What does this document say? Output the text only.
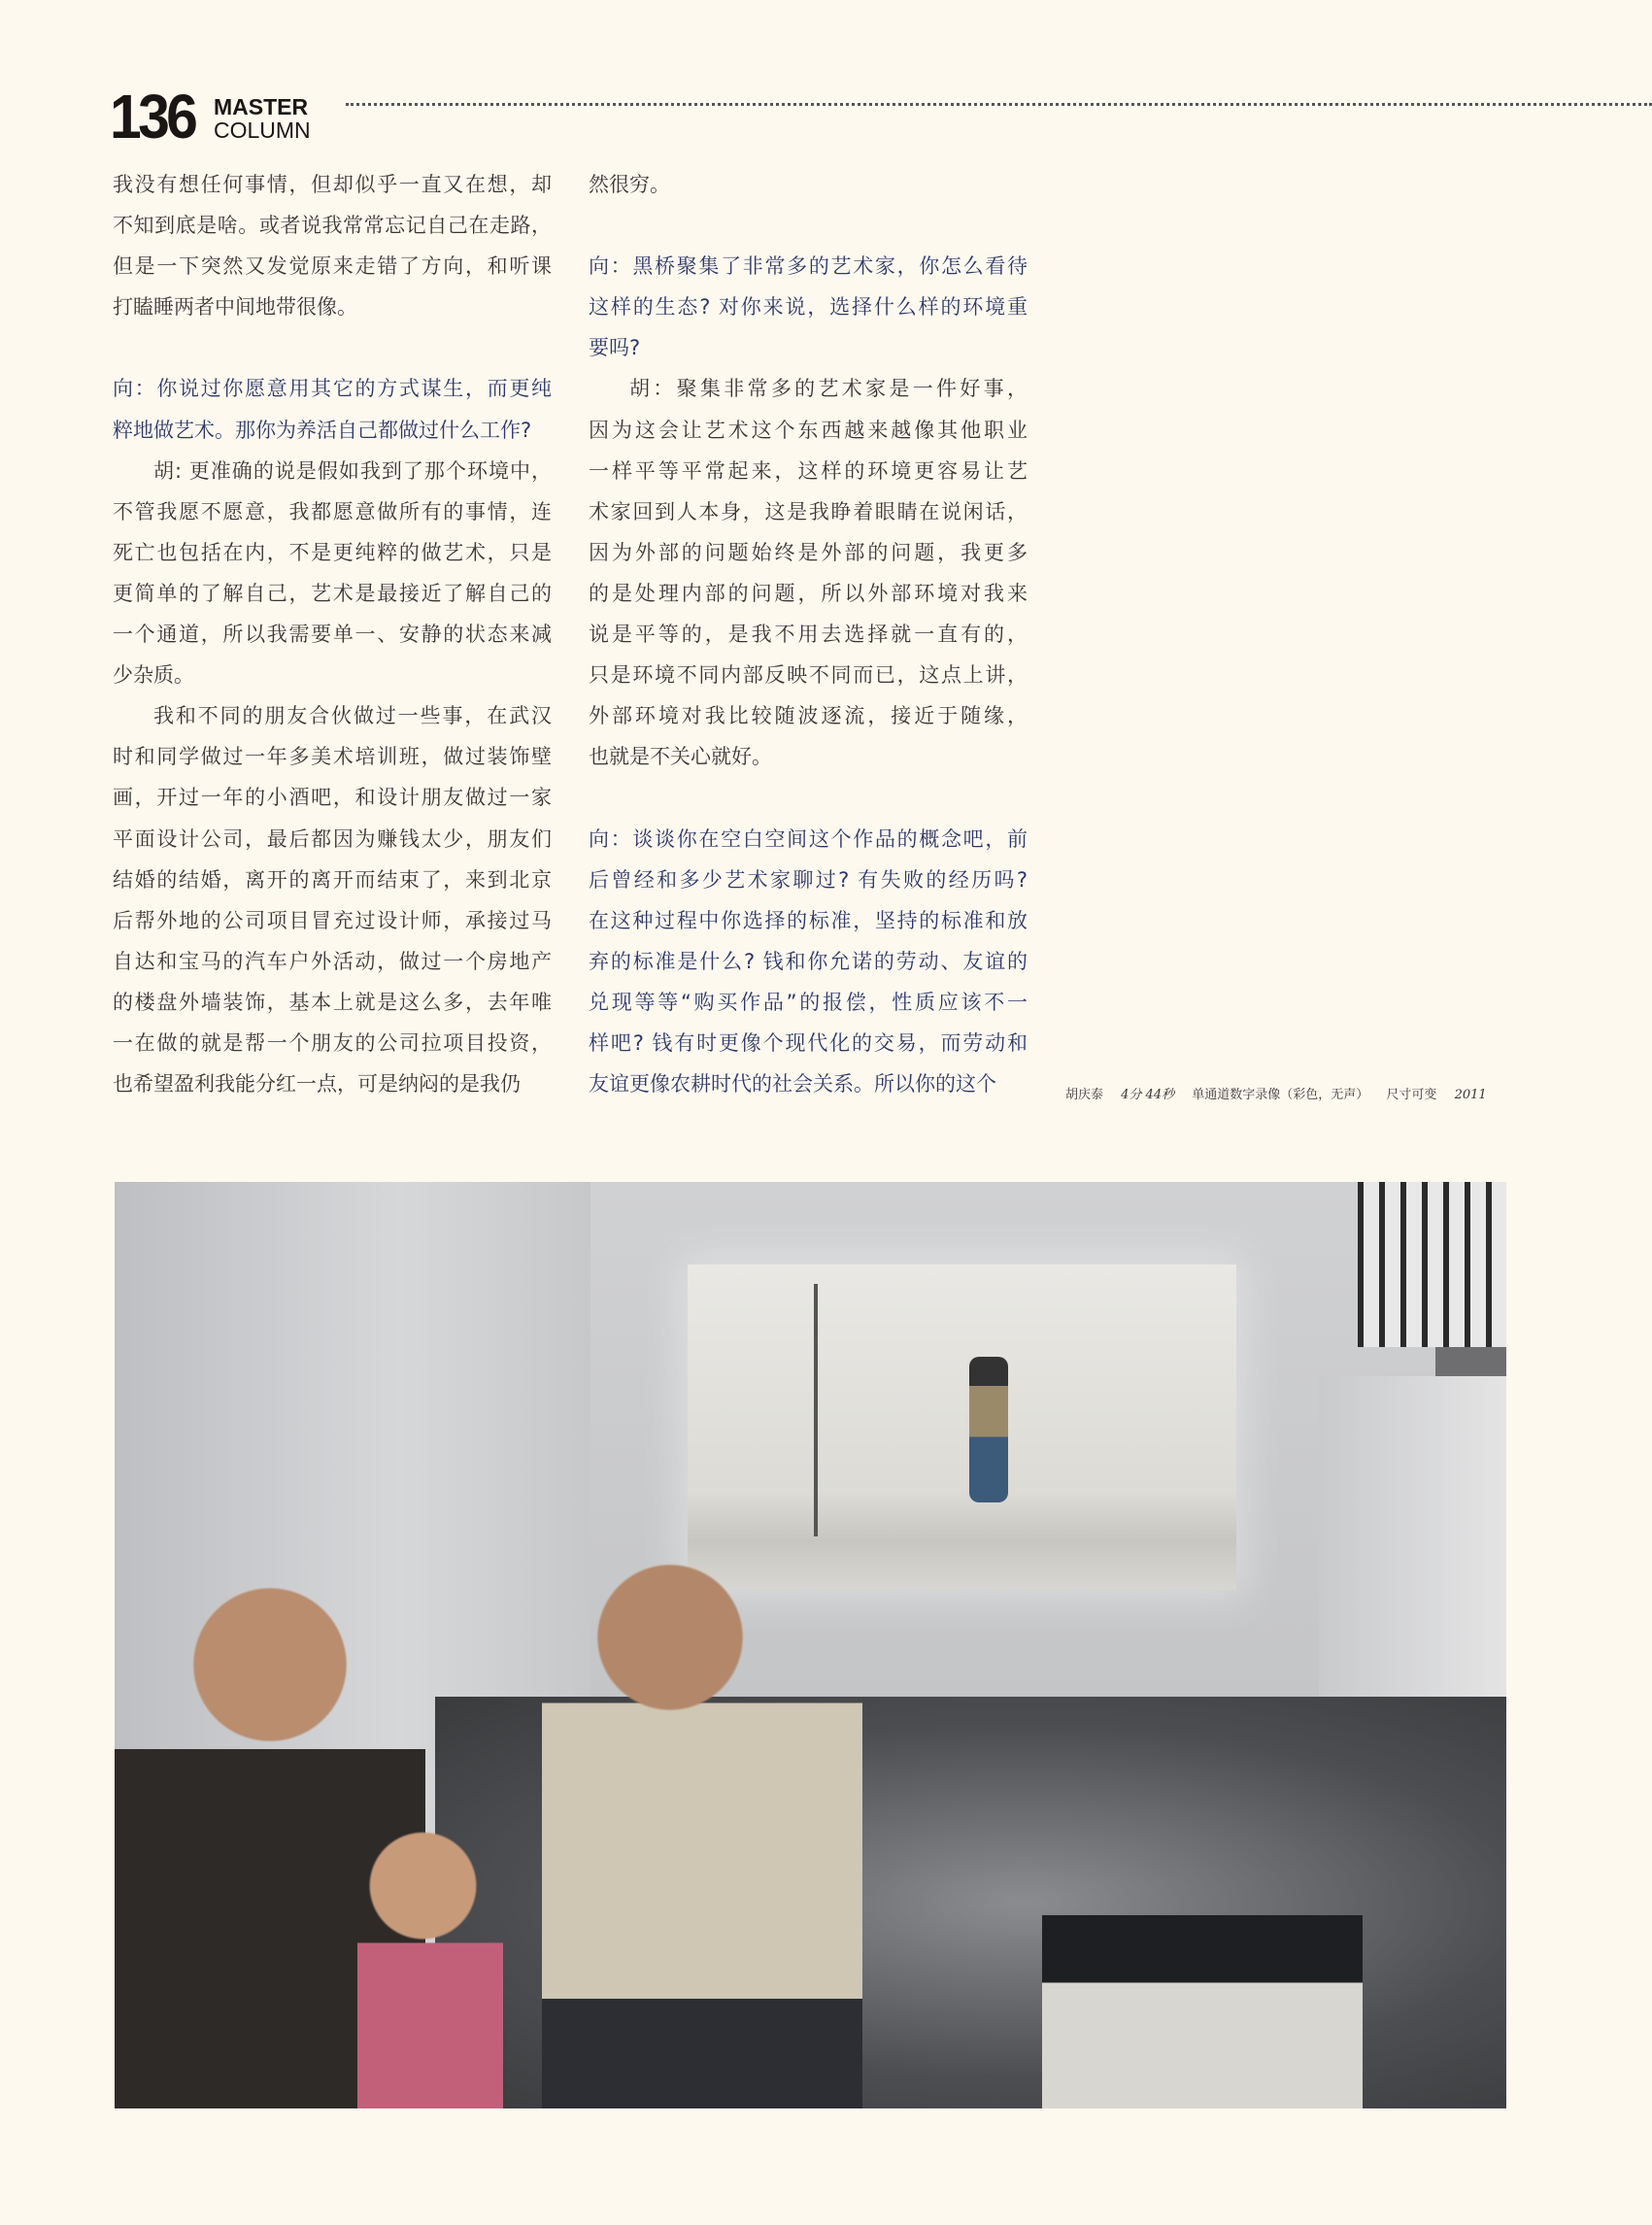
136 MASTER
COLUMN
我没有想任何事情，但却似乎一直又在想，却
不知到底是啥。或者说我常常忘记自己在走路，
但是一下突然又发觉原来走错了方向，和听课
打瞌睡两者中间地带很像。
向：你说过你愿意用其它的方式谋生，而更纯
粹地做艺术。那你为养活自己都做过什么工作?
胡: 更准确的说是假如我到了那个环境中，
不管我愿不愿意，我都愿意做所有的事情，连
死亡也包括在内，不是更纯粹的做艺术，只是
更简单的了解自己，艺术是最接近了解自己的
一个通道，所以我需要单一、安静的状态来减
少杂质。
我和不同的朋友合伙做过一些事，在武汉
时和同学做过一年多美术培训班，做过装饰壁
画，开过一年的小酒吧，和设计朋友做过一家
平面设计公司，最后都因为赚钱太少，朋友们
结婚的结婚，离开的离开而结束了，来到北京
后帮外地的公司项目冒充过设计师，承接过马
自达和宝马的汽车户外活动，做过一个房地产
的楼盘外墙装饰，基本上就是这么多，去年唯
一在做的就是帮一个朋友的公司拉项目投资，
也希望盈利我能分红一点，可是纳闷的是我仍
然很穷。
向：黑桥聚集了非常多的艺术家，你怎么看待
这样的生态? 对你来说，选择什么样的环境重
要吗?
胡：聚集非常多的艺术家是一件好事，
因为这会让艺术这个东西越来越像其他职业
一样平等平常起来，这样的环境更容易让艺
术家回到人本身，这是我睁着眼睛在说闲话，
因为外部的问题始终是外部的问题，我更多
的是处理内部的问题，所以外部环境对我来
说是平等的，是我不用去选择就一直有的，
只是环境不同内部反映不同而已，这点上讲，
外部环境对我比较随波逐流，接近于随缘，
也就是不关心就好。
向：谈谈你在空白空间这个作品的概念吧，前
后曾经和多少艺术家聊过? 有失败的经历吗?
在这种过程中你选择的标准，坚持的标准和放
弃的标准是什么? 钱和你允诺的劳动、友谊的
兑现等等“购买作品”的报偿，性质应该不一
样吧? 钱有时更像个现代化的交易，而劳动和
友谊更像农耕时代的社会关系。所以你的这个	胡庆泰 4分 44秒 单通道数字录像（彩色，无声） 尺寸可变 2011
